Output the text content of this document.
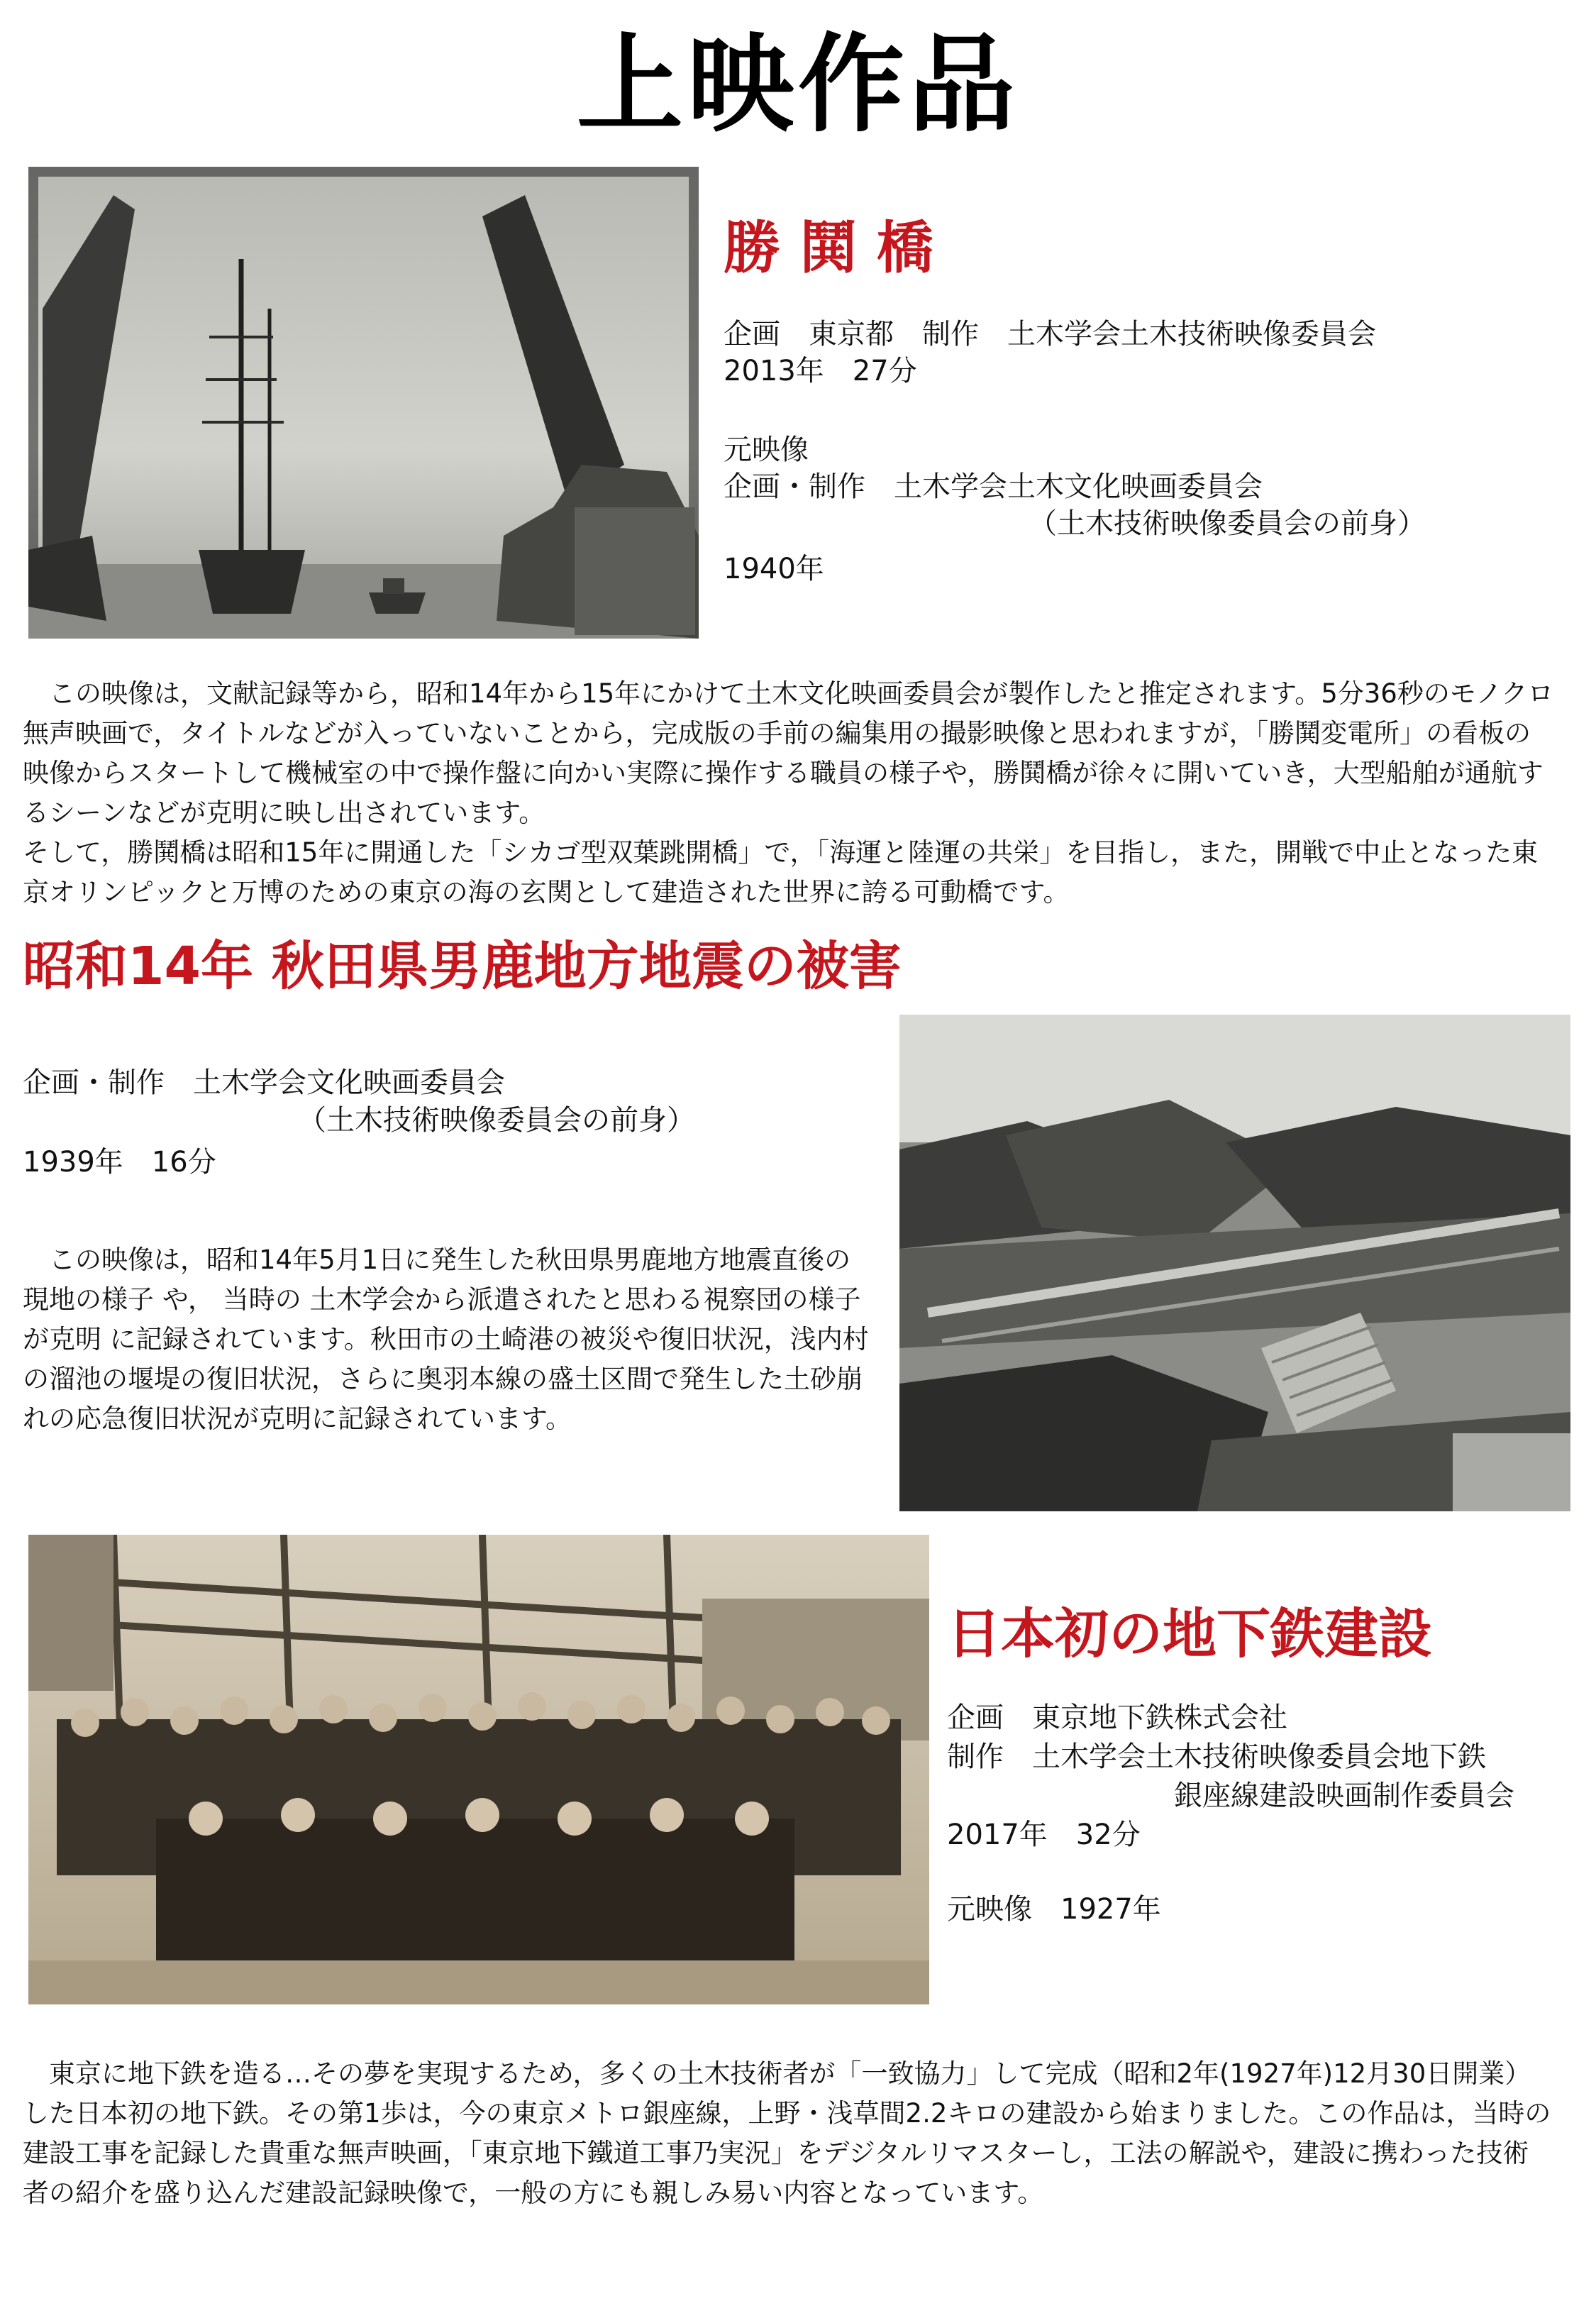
上映作品
勝 鬨 橋
企画　東京都　制作　土木学会土木技術映像委員会
2013年　27分
元映像
企画・制作　土木学会土木文化映画委員会
（土木技術映像委員会の前身）
1940年

この映像は，文献記録等から，昭和14年から15年にかけて土木文化映画委員会が製作したと推定されます。5分36秒のモノクロ無声映画で，タイトルなどが入っていないことから，完成版の手前の編集用の撮影映像と思われますが，「勝鬨変電所」の看板の映像からスタートして機械室の中で操作盤に向かい実際に操作する職員の様子や，勝鬨橋が徐々に開いていき，大型船舶が通航するシーンなどが克明に映し出されています。

そして，勝鬨橋は昭和15年に開通した「シカゴ型双葉跳開橋」で，「海運と陸運の共栄」を目指し，また，開戦で中止となった東京オリンピックと万博のための東京の海の玄関として建造された世界に誇る可動橋です。

昭和14年 秋田県男鹿地方地震の被害
企画・制作　土木学会文化映画委員会
（土木技術映像委員会の前身）
1939年　16分

この映像は，昭和14年5月1日に発生した秋田県男鹿地方地震直後の現地の様子 や， 当時の 土木学会から派遣されたと思わる視察団の様子 が克明 に記録されています。秋田市の土崎港の被災や復旧状況，浅内村の溜池の堰堤の復旧状況，さらに奥羽本線の盛土区間で発生した土砂崩れの応急復旧状況が克明に記録されています。

日本初の地下鉄建設
企画　東京地下鉄株式会社
制作　土木学会土木技術映像委員会地下鉄
銀座線建設映画制作委員会
2017年　32分
元映像　1927年

東京に地下鉄を造る…その夢を実現するため，多くの土木技術者が「一致協力」して完成（昭和2年(1927年)12月30日開業）した日本初の地下鉄。その第1歩は，今の東京メトロ銀座線，上野・浅草間2.2キロの建設から始まりました。この作品は，当時の建設工事を記録した貴重な無声映画，「東京地下鐵道工事乃実況」をデジタルリマスターし，工法の解説や，建設に携わった技術者の紹介を盛り込んだ建設記録映像で，一般の方にも親しみ易い内容となっています。
